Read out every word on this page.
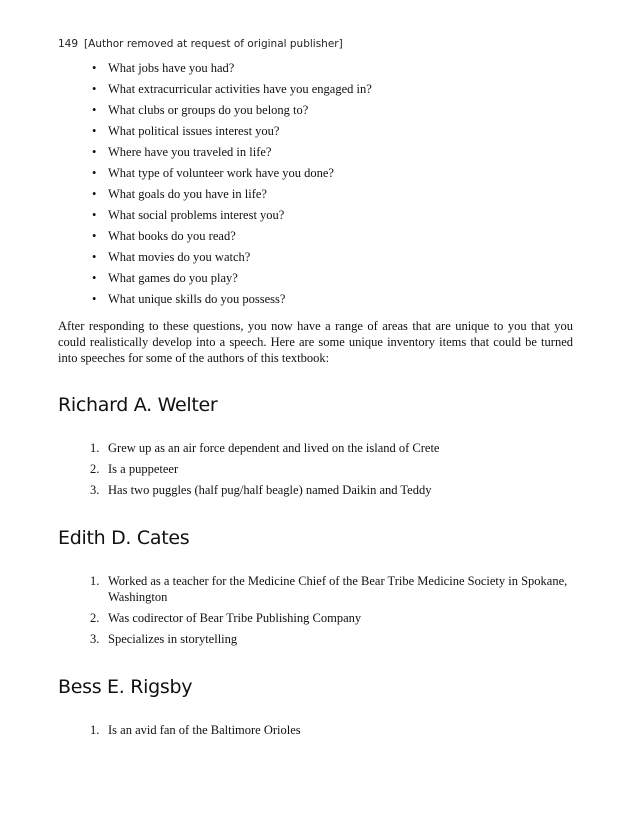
149 [Author removed at request of original publisher]
• What jobs have you had?
• What extracurricular activities have you engaged in?
• What clubs or groups do you belong to?
• What political issues interest you?
• Where have you traveled in life?
• What type of volunteer work have you done?
• What goals do you have in life?
• What social problems interest you?
• What books do you read?
• What movies do you watch?
• What games do you play?
• What unique skills do you possess?

After responding to these questions, you now have a range of areas that are unique to you that you could realistically develop into a speech. Here are some unique inventory items that could be turned into speeches for some of the authors of this textbook:

Richard A. Welter
1. Grew up as an air force dependent and lived on the island of Crete
2. Is a puppeteer
3. Has two puggles (half pug/half beagle) named Daikin and Teddy
Edith D. Cates
1. Worked as a teacher for the Medicine Chief of the Bear Tribe Medicine Society in Spokane, Washington
2. Was codirector of Bear Tribe Publishing Company
3. Specializes in storytelling
Bess E. Rigsby
1. Is an avid fan of the Baltimore Orioles
